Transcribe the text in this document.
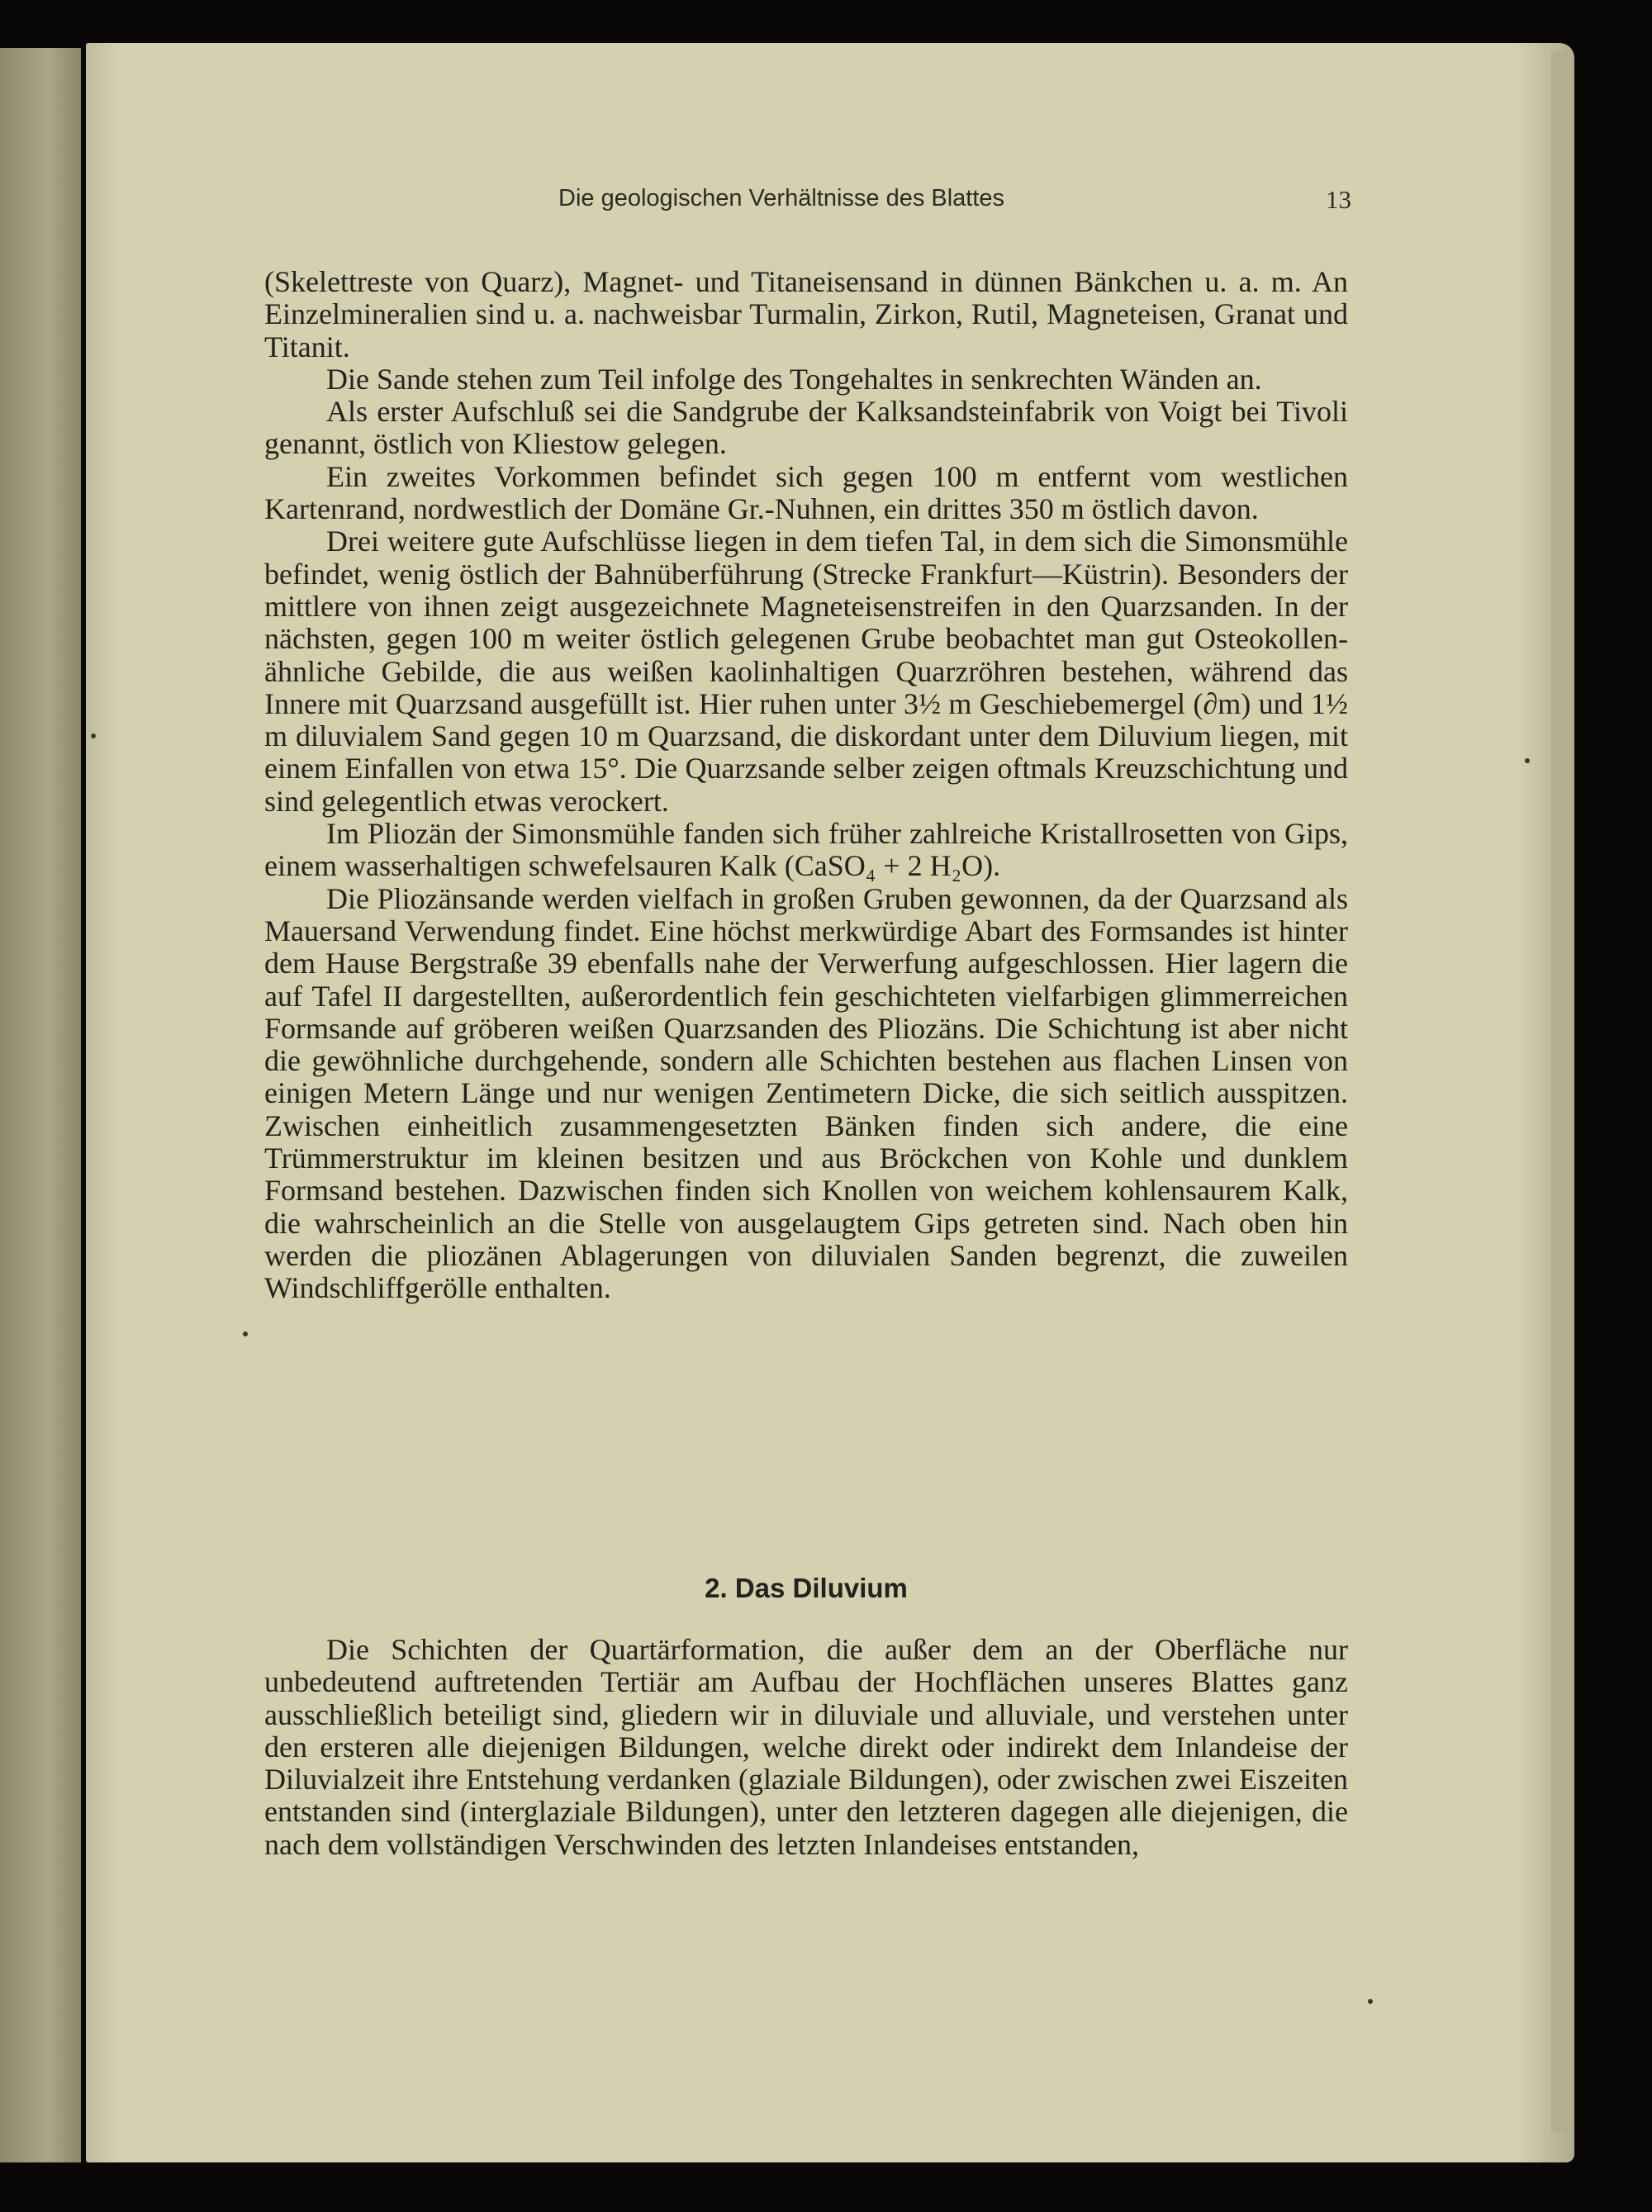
Die geologischen Verhältnisse des Blattes	13

(Skelettreste von Quarz), Magnet- und Titaneisensand in dünnen Bänkchen u. a. m. An Einzelmineralien sind u. a. nachweisbar Turmalin, Zirkon, Rutil, Magneteisen, Granat und Titanit.

Die Sande stehen zum Teil infolge des Tongehaltes in senkrechten Wänden an.

Als erster Aufschluß sei die Sandgrube der Kalksandsteinfabrik von Voigt bei Tivoli genannt, östlich von Kliestow gelegen.

Ein zweites Vorkommen befindet sich gegen 100 m entfernt vom westlichen Kartenrand, nordwestlich der Domäne Gr.-Nuhnen, ein drittes 350 m östlich davon.

Drei weitere gute Aufschlüsse liegen in dem tiefen Tal, in dem sich die Simonsmühle befindet, wenig östlich der Bahnüberführung (Strecke Frankfurt—Küstrin). Besonders der mittlere von ihnen zeigt ausgezeichnete Magneteisenstreifen in den Quarzsanden. In der nächsten, gegen 100 m weiter östlich gelegenen Grube beobachtet man gut Osteokollen-ähnliche Gebilde, die aus weißen kaolinhaltigen Quarzröhren bestehen, während das Innere mit Quarzsand ausgefüllt ist. Hier ruhen unter 3½ m Geschiebemergel (∂m) und 1½ m diluvialem Sand gegen 10 m Quarzsand, die diskordant unter dem Diluvium liegen, mit einem Einfallen von etwa 15°. Die Quarzsande selber zeigen oftmals Kreuzschichtung und sind gelegentlich etwas verockert.

Im Pliozän der Simonsmühle fanden sich früher zahlreiche Kristallrosetten von Gips, einem wasserhaltigen schwefelsauren Kalk (CaSO₄ + 2 H₂O).

Die Pliozänsande werden vielfach in großen Gruben gewonnen, da der Quarzsand als Mauersand Verwendung findet. Eine höchst merkwürdige Abart des Formsandes ist hinter dem Hause Bergstraße 39 ebenfalls nahe der Verwerfung aufgeschlossen. Hier lagern die auf Tafel II dargestellten, außerordentlich fein geschichteten vielfarbigen glimmerreichen Formsande auf gröberen weißen Quarzsanden des Pliozäns. Die Schichtung ist aber nicht die gewöhnliche durchgehende, sondern alle Schichten bestehen aus flachen Linsen von einigen Metern Länge und nur wenigen Zentimetern Dicke, die sich seitlich ausspitzen. Zwischen einheitlich zusammengesetzten Bänken finden sich andere, die eine Trümmerstruktur im kleinen besitzen und aus Bröckchen von Kohle und dunklem Formsand bestehen. Dazwischen finden sich Knollen von weichem kohlensaurem Kalk, die wahrscheinlich an die Stelle von ausgelaugtem Gips getreten sind. Nach oben hin werden die pliozänen Ablagerungen von diluvialen Sanden begrenzt, die zuweilen Windschliffgerölle enthalten.

2. Das Diluvium

Die Schichten der Quartärformation, die außer dem an der Oberfläche nur unbedeutend auftretenden Tertiär am Aufbau der Hochflächen unseres Blattes ganz ausschließlich beteiligt sind, gliedern wir in diluviale und alluviale, und verstehen unter den ersteren alle diejenigen Bildungen, welche direkt oder indirekt dem Inlandeise der Diluvialzeit ihre Entstehung verdanken (glaziale Bildungen), oder zwischen zwei Eiszeiten entstanden sind (interglaziale Bildungen), unter den letzteren dagegen alle diejenigen, die nach dem vollständigen Verschwinden des letzten Inlandeises entstanden,
